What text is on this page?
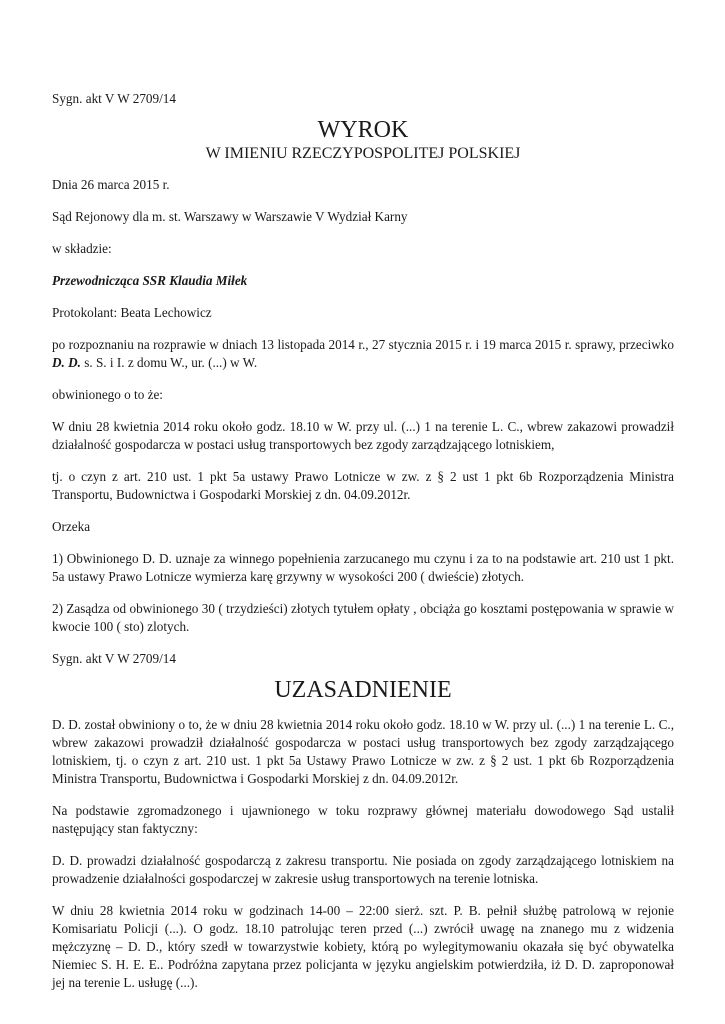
Sygn. akt V W 2709/14

WYROK
W IMIENIU RZECZYPOSPOLITEJ POLSKIEJ

Dnia 26 marca 2015 r.

Sąd Rejonowy dla m. st. Warszawy w Warszawie V Wydział Karny

w składzie:

Przewodnicząca SSR Klaudia Miłek

Protokolant: Beata Lechowicz

po rozpoznaniu na rozprawie w dniach 13 listopada 2014 r., 27 stycznia 2015 r. i 19 marca 2015 r. sprawy, przeciwko D. D. s. S. i I. z domu W., ur. (...) w W.

obwinionego o to że:

W dniu 28 kwietnia 2014 roku około godz. 18.10 w W. przy ul. (...) 1 na terenie L. C., wbrew zakazowi prowadził działalność gospodarcza w postaci usług transportowych bez zgody zarządzającego lotniskiem,

tj. o czyn z art. 210 ust. 1 pkt 5a ustawy Prawo Lotnicze w zw. z § 2 ust 1 pkt 6b Rozporządzenia Ministra Transportu, Budownictwa i Gospodarki Morskiej z dn. 04.09.2012r.

Orzeka

1) Obwinionego D. D. uznaje za winnego popełnienia zarzucanego mu czynu i za to na podstawie art. 210 ust 1 pkt. 5a ustawy Prawo Lotnicze wymierza karę grzywny w wysokości 200 ( dwieście) złotych.

2) Zasądza od obwinionego 30 ( trzydzieści) złotych tytułem opłaty , obciąża go kosztami postępowania w sprawie w kwocie 100 ( sto) zlotych.

Sygn. akt V W 2709/14

UZASADNIENIE

D. D. został obwiniony o to, że w dniu 28 kwietnia 2014 roku około godz. 18.10 w W. przy ul. (...) 1 na terenie L. C., wbrew zakazowi prowadził działalność gospodarcza w postaci usług transportowych bez zgody zarządzającego lotniskiem, tj. o czyn z art. 210 ust. 1 pkt 5a Ustawy Prawo Lotnicze w zw. z § 2 ust. 1 pkt 6b Rozporządzenia Ministra Transportu, Budownictwa i Gospodarki Morskiej z dn. 04.09.2012r.

Na podstawie zgromadzonego i ujawnionego w toku rozprawy głównej materiału dowodowego Sąd ustalił następujący stan faktyczny:

D. D. prowadzi działalność gospodarczą z zakresu transportu. Nie posiada on zgody zarządzającego lotniskiem na prowadzenie działalności gospodarczej w zakresie usług transportowych na terenie lotniska.

W dniu 28 kwietnia 2014 roku w godzinach 14-00 – 22:00 sierż. szt. P. B. pełnił służbę patrolową w rejonie Komisariatu Policji (...). O godz. 18.10 patrolując teren przed (...) zwrócił uwagę na znanego mu z widzenia mężczyznę – D. D., który szedł w towarzystwie kobiety, którą po wylegitymowaniu okazała się być obywatelka Niemiec S. H. E. E.. Podróżna zapytana przez policjanta w języku angielskim potwierdziła, iż D. D. zaproponował jej na terenie L. usługę (...).
